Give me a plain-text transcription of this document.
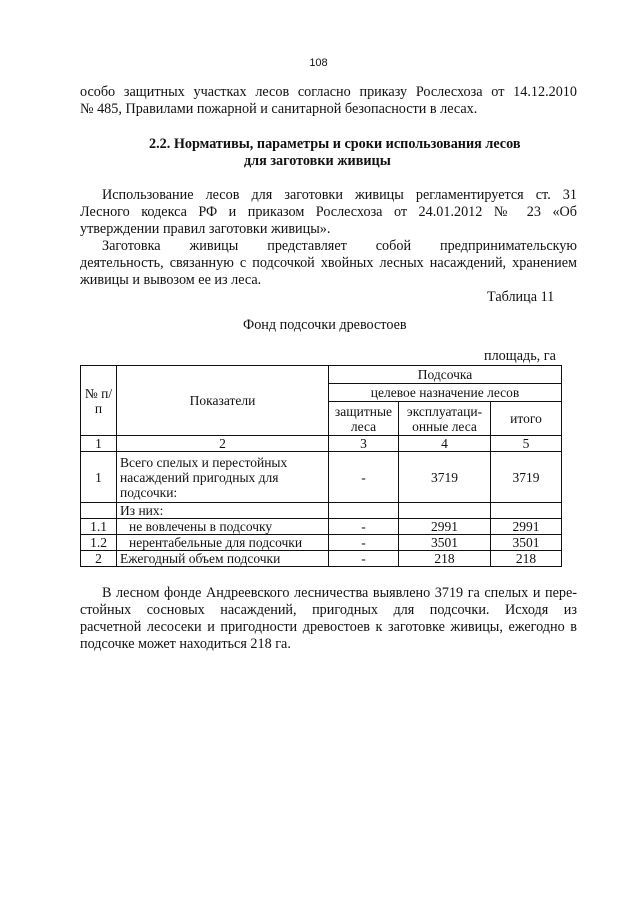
108
особо защитных участках лесов согласно приказу Рослесхоза от 14.12.2010
№ 485, Правилами пожарной и санитарной безопасности в лесах.
2.2. Нормативы, параметры и сроки использования лесов
для заготовки живицы
Использование лесов для заготовки живицы регламентируется ст. 31
Лесного кодекса РФ и приказом Рослесхоза от 24.01.2012 № 23 «Об
утверждении правил заготовки живицы».
Заготовка живицы представляет собой предпринимательскую
деятельность, связанную с подсочкой хвойных лесных насаждений, хранением
живицы и вывозом ее из леса.
Таблица 11
Фонд подсочки древостоев
площадь, га
№ п/п	Показатели	Подсочка		
		целевое назначение лесов		
		защитные леса	эксплуатаци-онные леса	итого
1	2	3	4	5
1	Всего спелых и перестойных насаждений пригодных для подсочки:	-	3719	3719
	Из них:			
1.1	не вовлечены в подсочку	-	2991	2991
1.2	нерентабельные для подсочки	-	3501	3501
2	Ежегодный объем подсочки	-	218	218
В лесном фонде Андреевского лесничества выявлено 3719 га спелых и пере-
стойных сосновых насаждений, пригодных для подсочки. Исходя из
расчетной лесосеки и пригодности древостоев к заготовке живицы, ежегодно в
подсочке может находиться 218 га.
